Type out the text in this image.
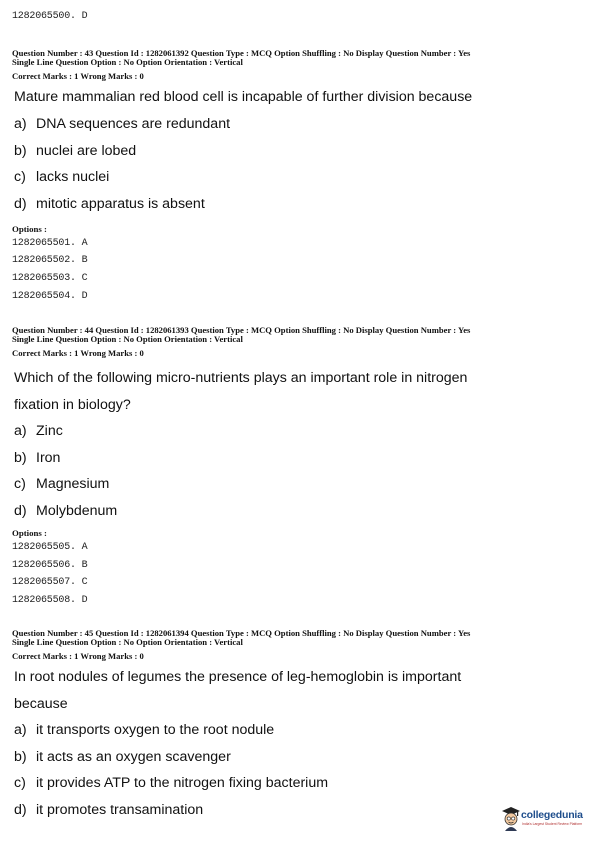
1282065500. D
Question Number : 43 Question Id : 1282061392 Question Type : MCQ Option Shuffling : No Display Question Number : Yes
Single Line Question Option : No Option Orientation : Vertical
Correct Marks : 1 Wrong Marks : 0
Mature mammalian red blood cell is incapable of further division because
a) DNA sequences are redundant
b) nuclei are lobed
c) lacks nuclei
d) mitotic apparatus is absent
Options :
1282065501. A
1282065502. B
1282065503. C
1282065504. D
Question Number : 44 Question Id : 1282061393 Question Type : MCQ Option Shuffling : No Display Question Number : Yes
Single Line Question Option : No Option Orientation : Vertical
Correct Marks : 1 Wrong Marks : 0
Which of the following micro-nutrients plays an important role in nitrogen
fixation in biology?
a) Zinc
b) Iron
c) Magnesium
d) Molybdenum
Options :
1282065505. A
1282065506. B
1282065507. C
1282065508. D
Question Number : 45 Question Id : 1282061394 Question Type : MCQ Option Shuffling : No Display Question Number : Yes
Single Line Question Option : No Option Orientation : Vertical
Correct Marks : 1 Wrong Marks : 0
In root nodules of legumes the presence of leg-hemoglobin is important
because
a) it transports oxygen to the root nodule
b) it acts as an oxygen scavenger
c) it provides ATP to the nitrogen fixing bacterium
d) it promotes transamination	collegedunia
India's Largest Student Review Platform
